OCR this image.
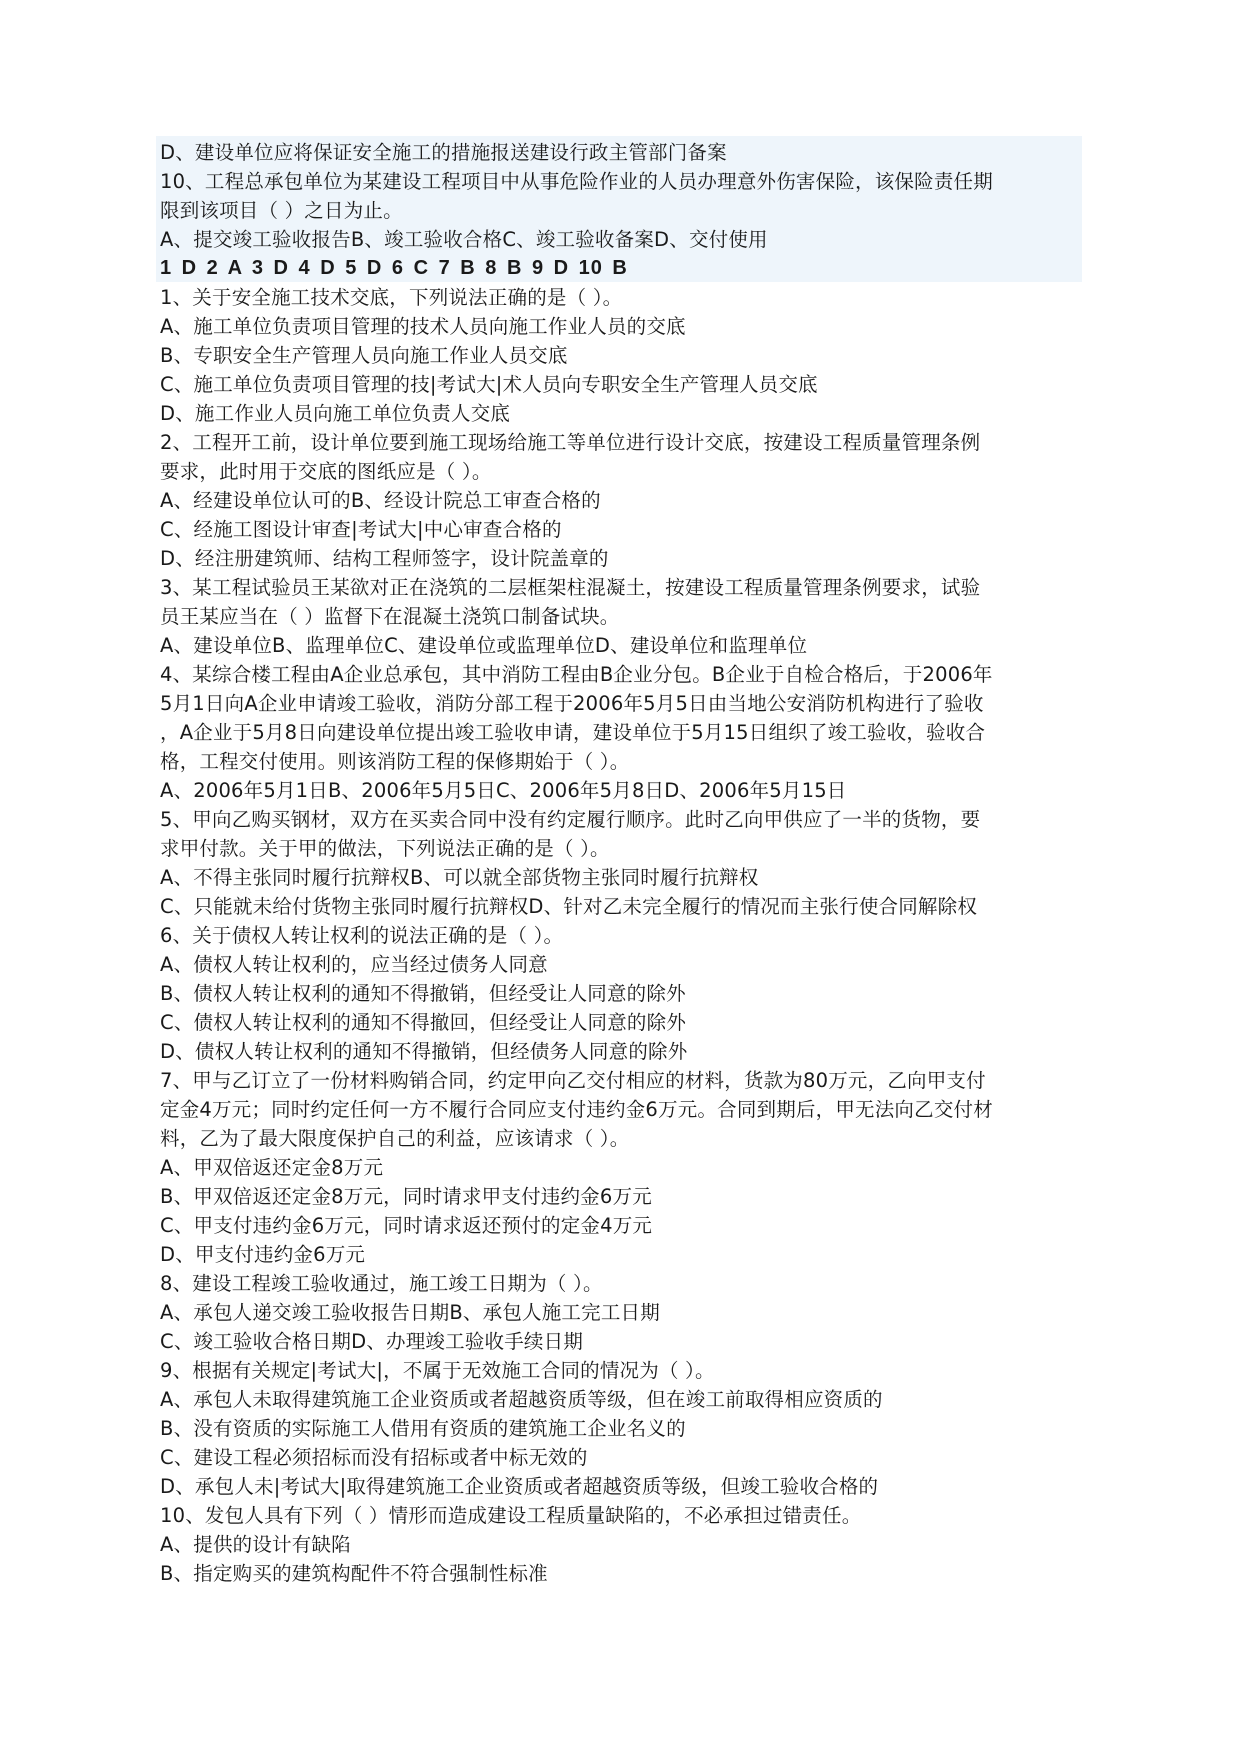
D、建设单位应将保证安全施工的措施报送建设行政主管部门备案
10、工程总承包单位为某建设工程项目中从事危险作业的人员办理意外伤害保险，该保险责任期
限到该项目（ ）之日为止。
A、提交竣工验收报告B、竣工验收合格C、竣工验收备案D、交付使用
1 D 2 A 3 D 4 D 5 D 6 C 7 B 8 B 9 D 10 B
1、关于安全施工技术交底，下列说法正确的是（ ）。
A、施工单位负责项目管理的技术人员向施工作业人员的交底
B、专职安全生产管理人员向施工作业人员交底
C、施工单位负责项目管理的技|考试大|术人员向专职安全生产管理人员交底
D、施工作业人员向施工单位负责人交底
2、工程开工前，设计单位要到施工现场给施工等单位进行设计交底，按建设工程质量管理条例
要求，此时用于交底的图纸应是（ ）。
A、经建设单位认可的B、经设计院总工审查合格的
C、经施工图设计审查|考试大|中心审查合格的
D、经注册建筑师、结构工程师签字，设计院盖章的
3、某工程试验员王某欲对正在浇筑的二层框架柱混凝土，按建设工程质量管理条例要求，试验
员王某应当在（ ）监督下在混凝土浇筑口制备试块。
A、建设单位B、监理单位C、建设单位或监理单位D、建设单位和监理单位
4、某综合楼工程由A企业总承包，其中消防工程由B企业分包。B企业于自检合格后，于2006年
5月1日向A企业申请竣工验收，消防分部工程于2006年5月5日由当地公安消防机构进行了验收
，A企业于5月8日向建设单位提出竣工验收申请，建设单位于5月15日组织了竣工验收，验收合
格，工程交付使用。则该消防工程的保修期始于（ ）。
A、2006年5月1日B、2006年5月5日C、2006年5月8日D、2006年5月15日
5、甲向乙购买钢材，双方在买卖合同中没有约定履行顺序。此时乙向甲供应了一半的货物，要
求甲付款。关于甲的做法，下列说法正确的是（ ）。
A、不得主张同时履行抗辩权B、可以就全部货物主张同时履行抗辩权
C、只能就未给付货物主张同时履行抗辩权D、针对乙未完全履行的情况而主张行使合同解除权
6、关于债权人转让权利的说法正确的是（ ）。
A、债权人转让权利的，应当经过债务人同意
B、债权人转让权利的通知不得撤销，但经受让人同意的除外
C、债权人转让权利的通知不得撤回，但经受让人同意的除外
D、债权人转让权利的通知不得撤销，但经债务人同意的除外
7、甲与乙订立了一份材料购销合同，约定甲向乙交付相应的材料，货款为80万元，乙向甲支付
定金4万元；同时约定任何一方不履行合同应支付违约金6万元。合同到期后，甲无法向乙交付材
料，乙为了最大限度保护自己的利益，应该请求（ ）。
A、甲双倍返还定金8万元
B、甲双倍返还定金8万元，同时请求甲支付违约金6万元
C、甲支付违约金6万元，同时请求返还预付的定金4万元
D、甲支付违约金6万元
8、建设工程竣工验收通过，施工竣工日期为（ ）。
A、承包人递交竣工验收报告日期B、承包人施工完工日期
C、竣工验收合格日期D、办理竣工验收手续日期
9、根据有关规定|考试大|，不属于无效施工合同的情况为（ ）。
A、承包人未取得建筑施工企业资质或者超越资质等级，但在竣工前取得相应资质的
B、没有资质的实际施工人借用有资质的建筑施工企业名义的
C、建设工程必须招标而没有招标或者中标无效的
D、承包人未|考试大|取得建筑施工企业资质或者超越资质等级，但竣工验收合格的
10、发包人具有下列（ ）情形而造成建设工程质量缺陷的，不必承担过错责任。
A、提供的设计有缺陷
B、指定购买的建筑构配件不符合强制性标准
